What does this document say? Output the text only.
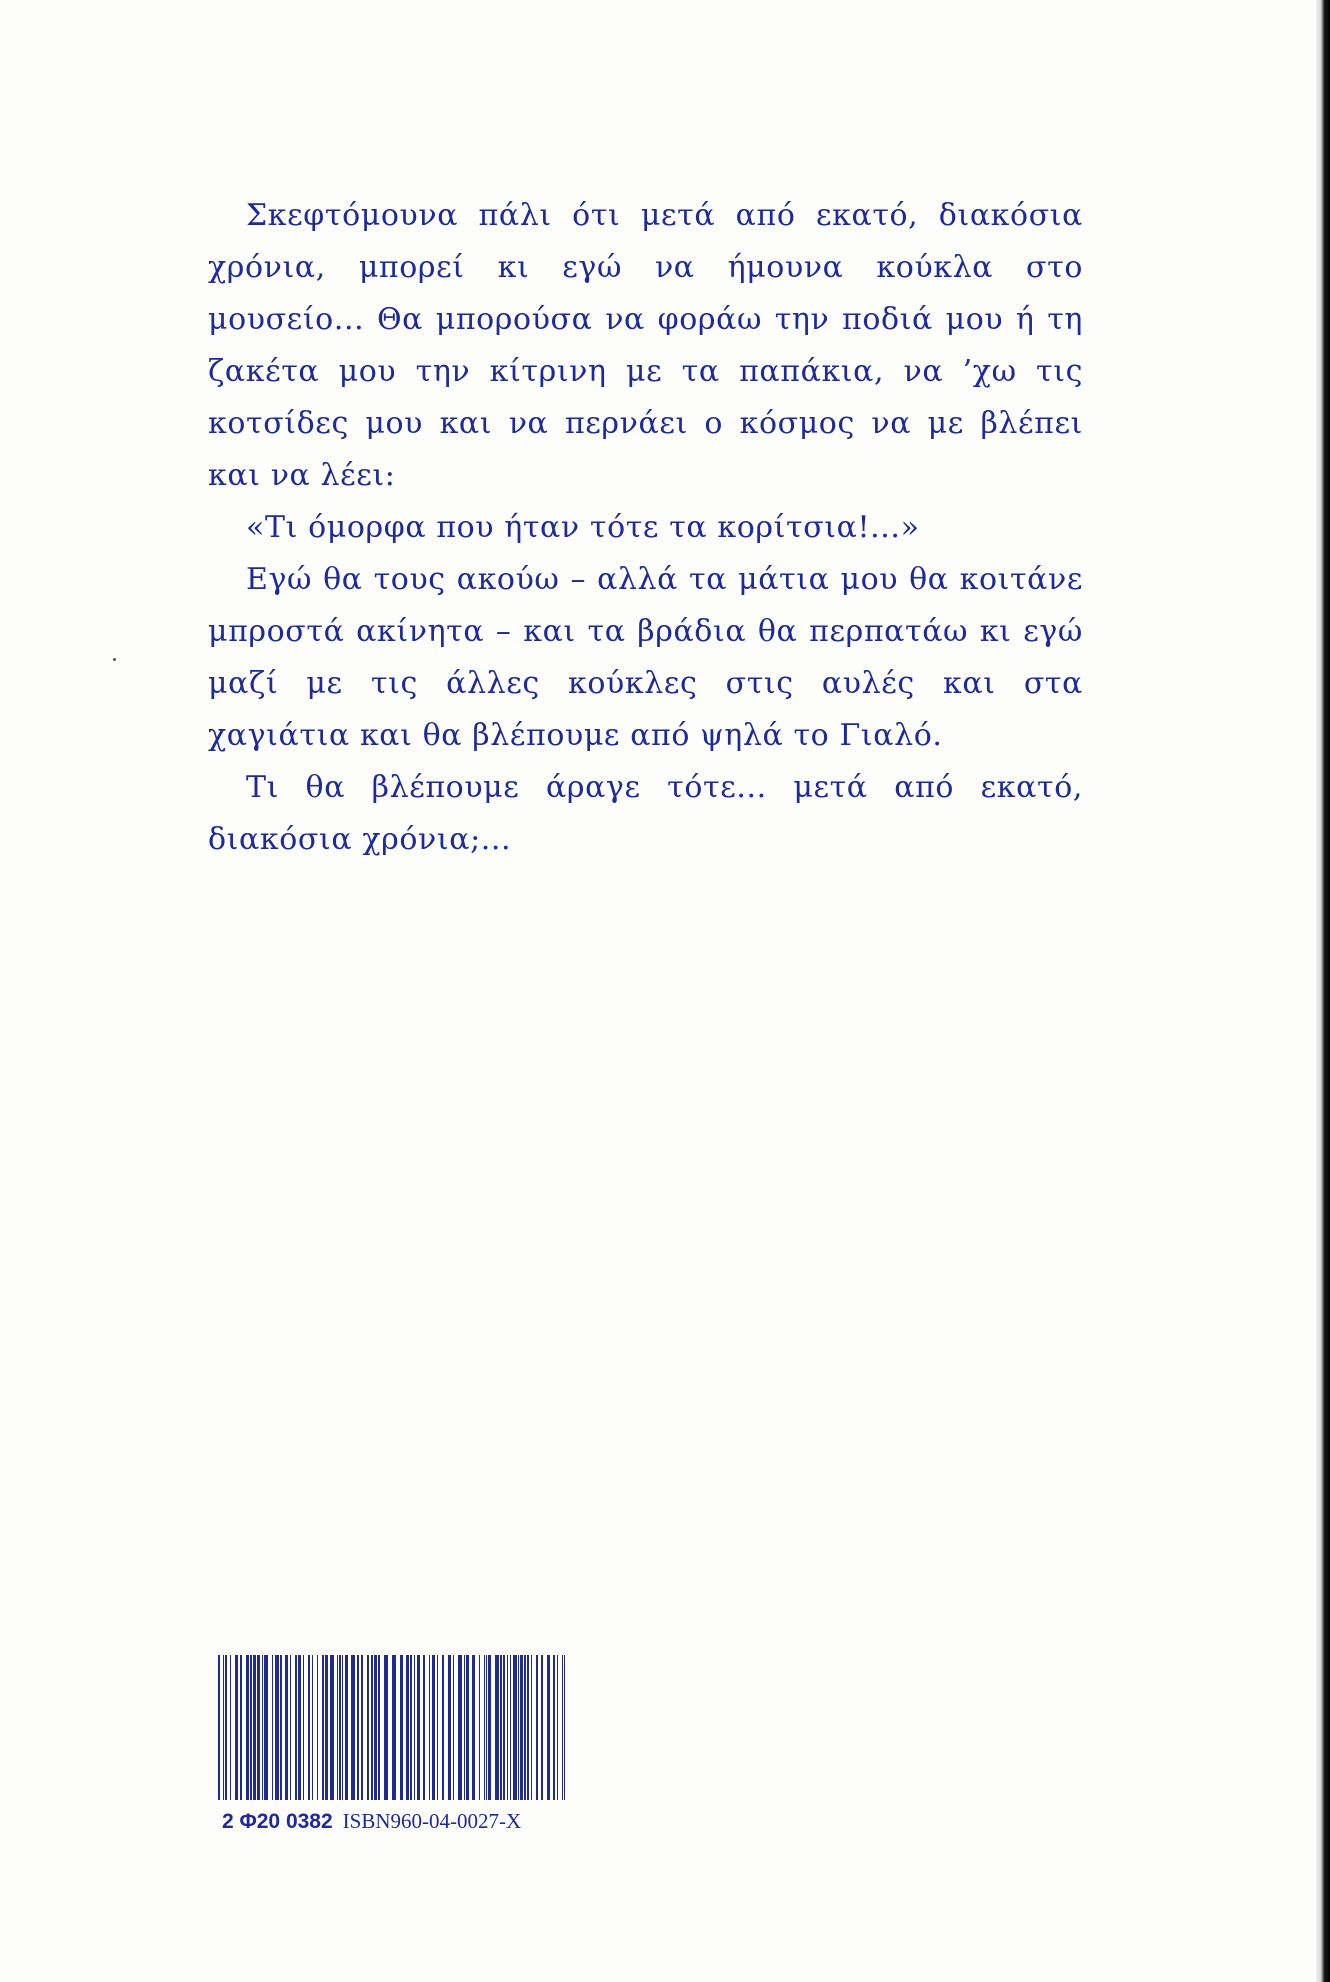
Σκεφτόμουνα πάλι ότι μετά από εκατό, διακόσια χρόνια, μπορεί κι εγώ να ήμουνα κούκλα στο μουσείο... Θα μπορούσα να φοράω την ποδιά μου ή τη ζακέτα μου την κίτρινη με τα παπάκια, να ’χω τις κοτσίδες μου και να περνάει ο κόσμος να με βλέπει και να λέει:

«Τι όμορφα που ήταν τότε τα κορίτσια!...»

Εγώ θα τους ακούω – αλλά τα μάτια μου θα κοιτάνε μπροστά ακίνητα – και τα βράδια θα περπατάω κι εγώ μαζί με τις άλλες κούκλες στις αυλές και στα χαγιάτια και θα βλέπουμε από ψηλά το Γιαλό.

Τι θα βλέπουμε άραγε τότε... μετά από εκατό, διακόσια χρόνια;...

2 Φ20 0382 ISBN960-04-0027-X
